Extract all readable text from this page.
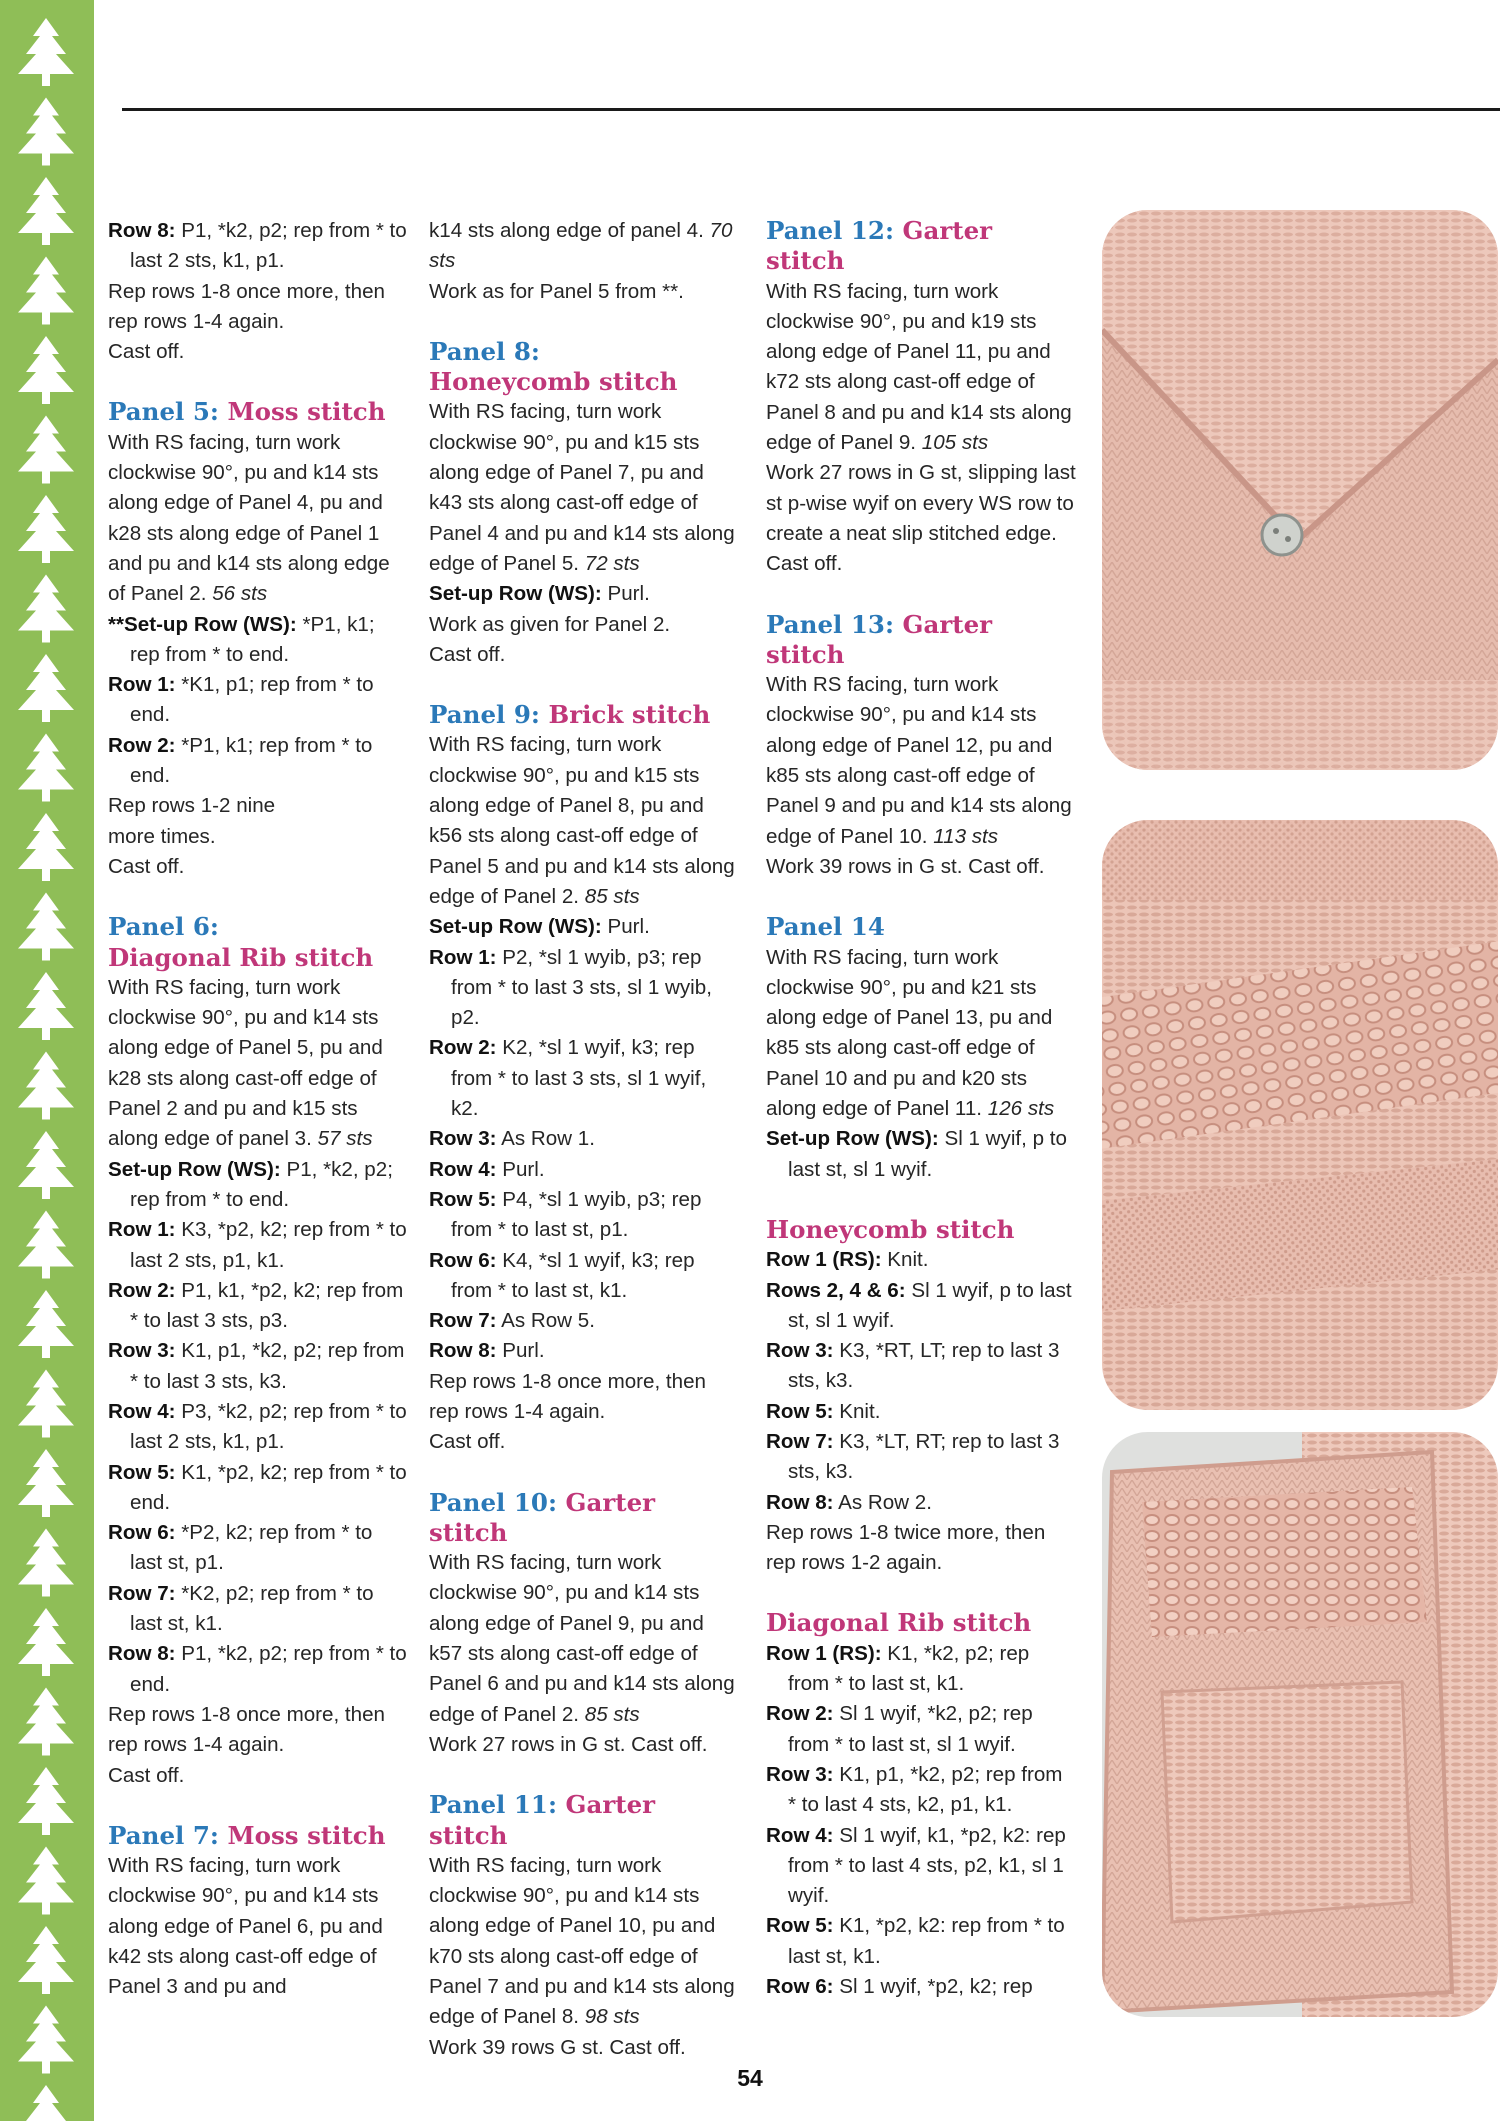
Row 8: P1, *k2, p2; rep from * to last 2 sts, k1, p1.

Rep rows 1-8 once more, then rep rows 1-4 again.

Cast off.

Panel 5: Moss stitch

With RS facing, turn work clockwise 90°, pu and k14 sts along edge of Panel 4, pu and k28 sts along edge of Panel 1 and pu and k14 sts along edge of Panel 2. 56 sts

**Set-up Row (WS): *P1, k1; rep from * to end.

Row 1: *K1, p1; rep from * to end.

Row 2: *P1, k1; rep from * to end.

Rep rows 1-2 nine more times.

Cast off.

Panel 6:
Diagonal Rib stitch

With RS facing, turn work clockwise 90°, pu and k14 sts along edge of Panel 5, pu and k28 sts along cast-off edge of Panel 2 and pu and k15 sts along edge of panel 3. 57 sts

Set-up Row (WS): P1, *k2, p2; rep from * to end.

Row 1: K3, *p2, k2; rep from * to last 2 sts, p1, k1.

Row 2: P1, k1, *p2, k2; rep from * to last 3 sts, p3.

Row 3: K1, p1, *k2, p2; rep from * to last 3 sts, k3.

Row 4: P3, *k2, p2; rep from * to last 2 sts, k1, p1.

Row 5: K1, *p2, k2; rep from * to end.

Row 6: *P2, k2; rep from * to last st, p1.

Row 7: *K2, p2; rep from * to last st, k1.

Row 8: P1, *k2, p2; rep from * to end.

Rep rows 1-8 once more, then rep rows 1-4 again.

Cast off.

Panel 7: Moss stitch

With RS facing, turn work clockwise 90°, pu and k14 sts along edge of Panel 6, pu and k42 sts along cast-off edge of Panel 3 and pu and

k14 sts along edge of panel 4. 70 sts

Work as for Panel 5 from **.

Panel 8:
Honeycomb stitch

With RS facing, turn work clockwise 90°, pu and k15 sts along edge of Panel 7, pu and k43 sts along cast-off edge of Panel 4 and pu and k14 sts along edge of Panel 5. 72 sts

Set-up Row (WS): Purl.

Work as given for Panel 2.

Cast off.

Panel 9: Brick stitch

With RS facing, turn work clockwise 90°, pu and k15 sts along edge of Panel 8, pu and k56 sts along cast-off edge of Panel 5 and pu and k14 sts along edge of Panel 2. 85 sts

Set-up Row (WS): Purl.

Row 1: P2, *sl 1 wyib, p3; rep from * to last 3 sts, sl 1 wyib, p2.

Row 2: K2, *sl 1 wyif, k3; rep from * to last 3 sts, sl 1 wyif, k2.

Row 3: As Row 1.

Row 4: Purl.

Row 5: P4, *sl 1 wyib, p3; rep from * to last st, p1.

Row 6: K4, *sl 1 wyif, k3; rep from * to last st, k1.

Row 7: As Row 5.

Row 8: Purl.

Rep rows 1-8 once more, then rep rows 1-4 again.

Cast off.

Panel 10: Garter stitch

With RS facing, turn work clockwise 90°, pu and k14 sts along edge of Panel 9, pu and k57 sts along cast-off edge of Panel 6 and pu and k14 sts along edge of Panel 2. 85 sts

Work 27 rows in G st. Cast off.

Panel 11: Garter stitch

With RS facing, turn work clockwise 90°, pu and k14 sts along edge of Panel 10, pu and k70 sts along cast-off edge of Panel 7 and pu and k14 sts along edge of Panel 8. 98 sts

Work 39 rows G st. Cast off.

Panel 12: Garter stitch

With RS facing, turn work clockwise 90°, pu and k19 sts along edge of Panel 11, pu and k72 sts along cast-off edge of Panel 8 and pu and k14 sts along edge of Panel 9. 105 sts

Work 27 rows in G st, slipping last st p-wise wyif on every WS row to create a neat slip stitched edge. Cast off.

Panel 13: Garter stitch

With RS facing, turn work clockwise 90°, pu and k14 sts along edge of Panel 12, pu and k85 sts along cast-off edge of Panel 9 and pu and k14 sts along edge of Panel 10. 113 sts

Work 39 rows in G st. Cast off.

Panel 14

With RS facing, turn work clockwise 90°, pu and k21 sts along edge of Panel 13, pu and k85 sts along cast-off edge of Panel 10 and pu and k20 sts along edge of Panel 11. 126 sts

Set-up Row (WS): Sl 1 wyif, p to last st, sl 1 wyif.

Honeycomb stitch

Row 1 (RS): Knit.

Rows 2, 4 & 6: Sl 1 wyif, p to last st, sl 1 wyif.

Row 3: K3, *RT, LT; rep to last 3 sts, k3.

Row 5: Knit.

Row 7: K3, *LT, RT; rep to last 3 sts, k3.

Row 8: As Row 2.

Rep rows 1-8 twice more, then rep rows 1-2 again.

Diagonal Rib stitch

Row 1 (RS): K1, *k2, p2; rep from * to last st, k1.

Row 2: Sl 1 wyif, *k2, p2; rep from * to last st, sl 1 wyif.

Row 3: K1, p1, *k2, p2; rep from * to last 4 sts, k2, p1, k1.

Row 4: Sl 1 wyif, k1, *p2, k2: rep from * to last 4 sts, p2, k1, sl 1 wyif.

Row 5: K1, *p2, k2: rep from * to last st, k1.

Row 6: Sl 1 wyif, *p2, k2; rep

54
